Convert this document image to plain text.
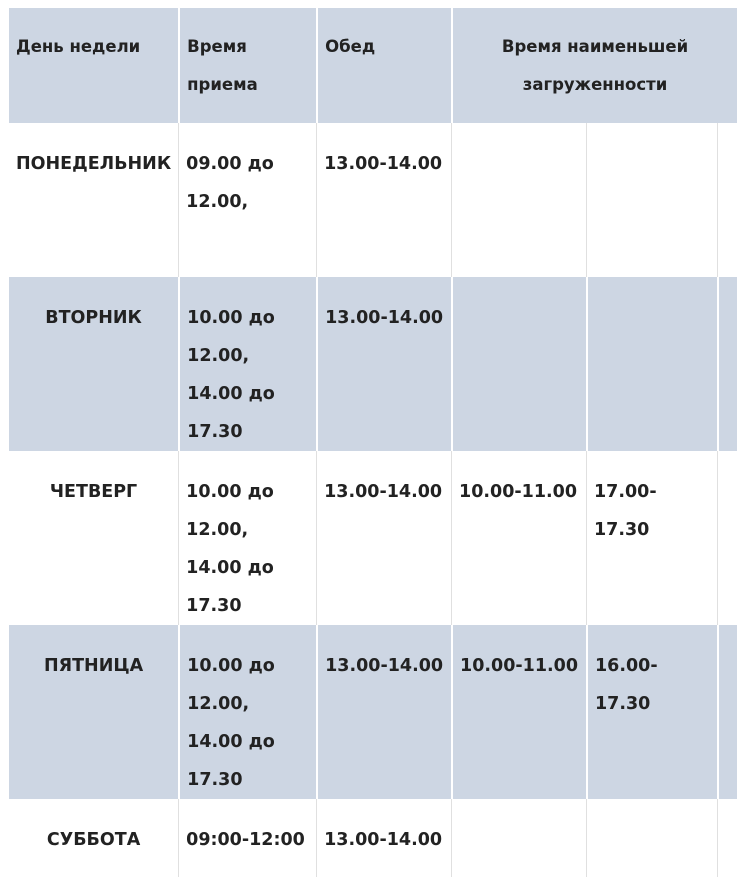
День недели	Время приема	Обед	Время наименьшей загруженности		
ПОНЕДЕЛЬНИК	09.00 до 12.00,	13.00-14.00			
ВТОРНИК	10.00 до 12.00, 14.00 до 17.30	13.00-14.00			
ЧЕТВЕРГ	10.00 до 12.00, 14.00 до 17.30	13.00-14.00	10.00-11.00	17.00-17.30	
ПЯТНИЦА	10.00 до 12.00, 14.00 до 17.30	13.00-14.00	10.00-11.00	16.00-17.30	
СУББОТА	09:00-12:00	13.00-14.00			
